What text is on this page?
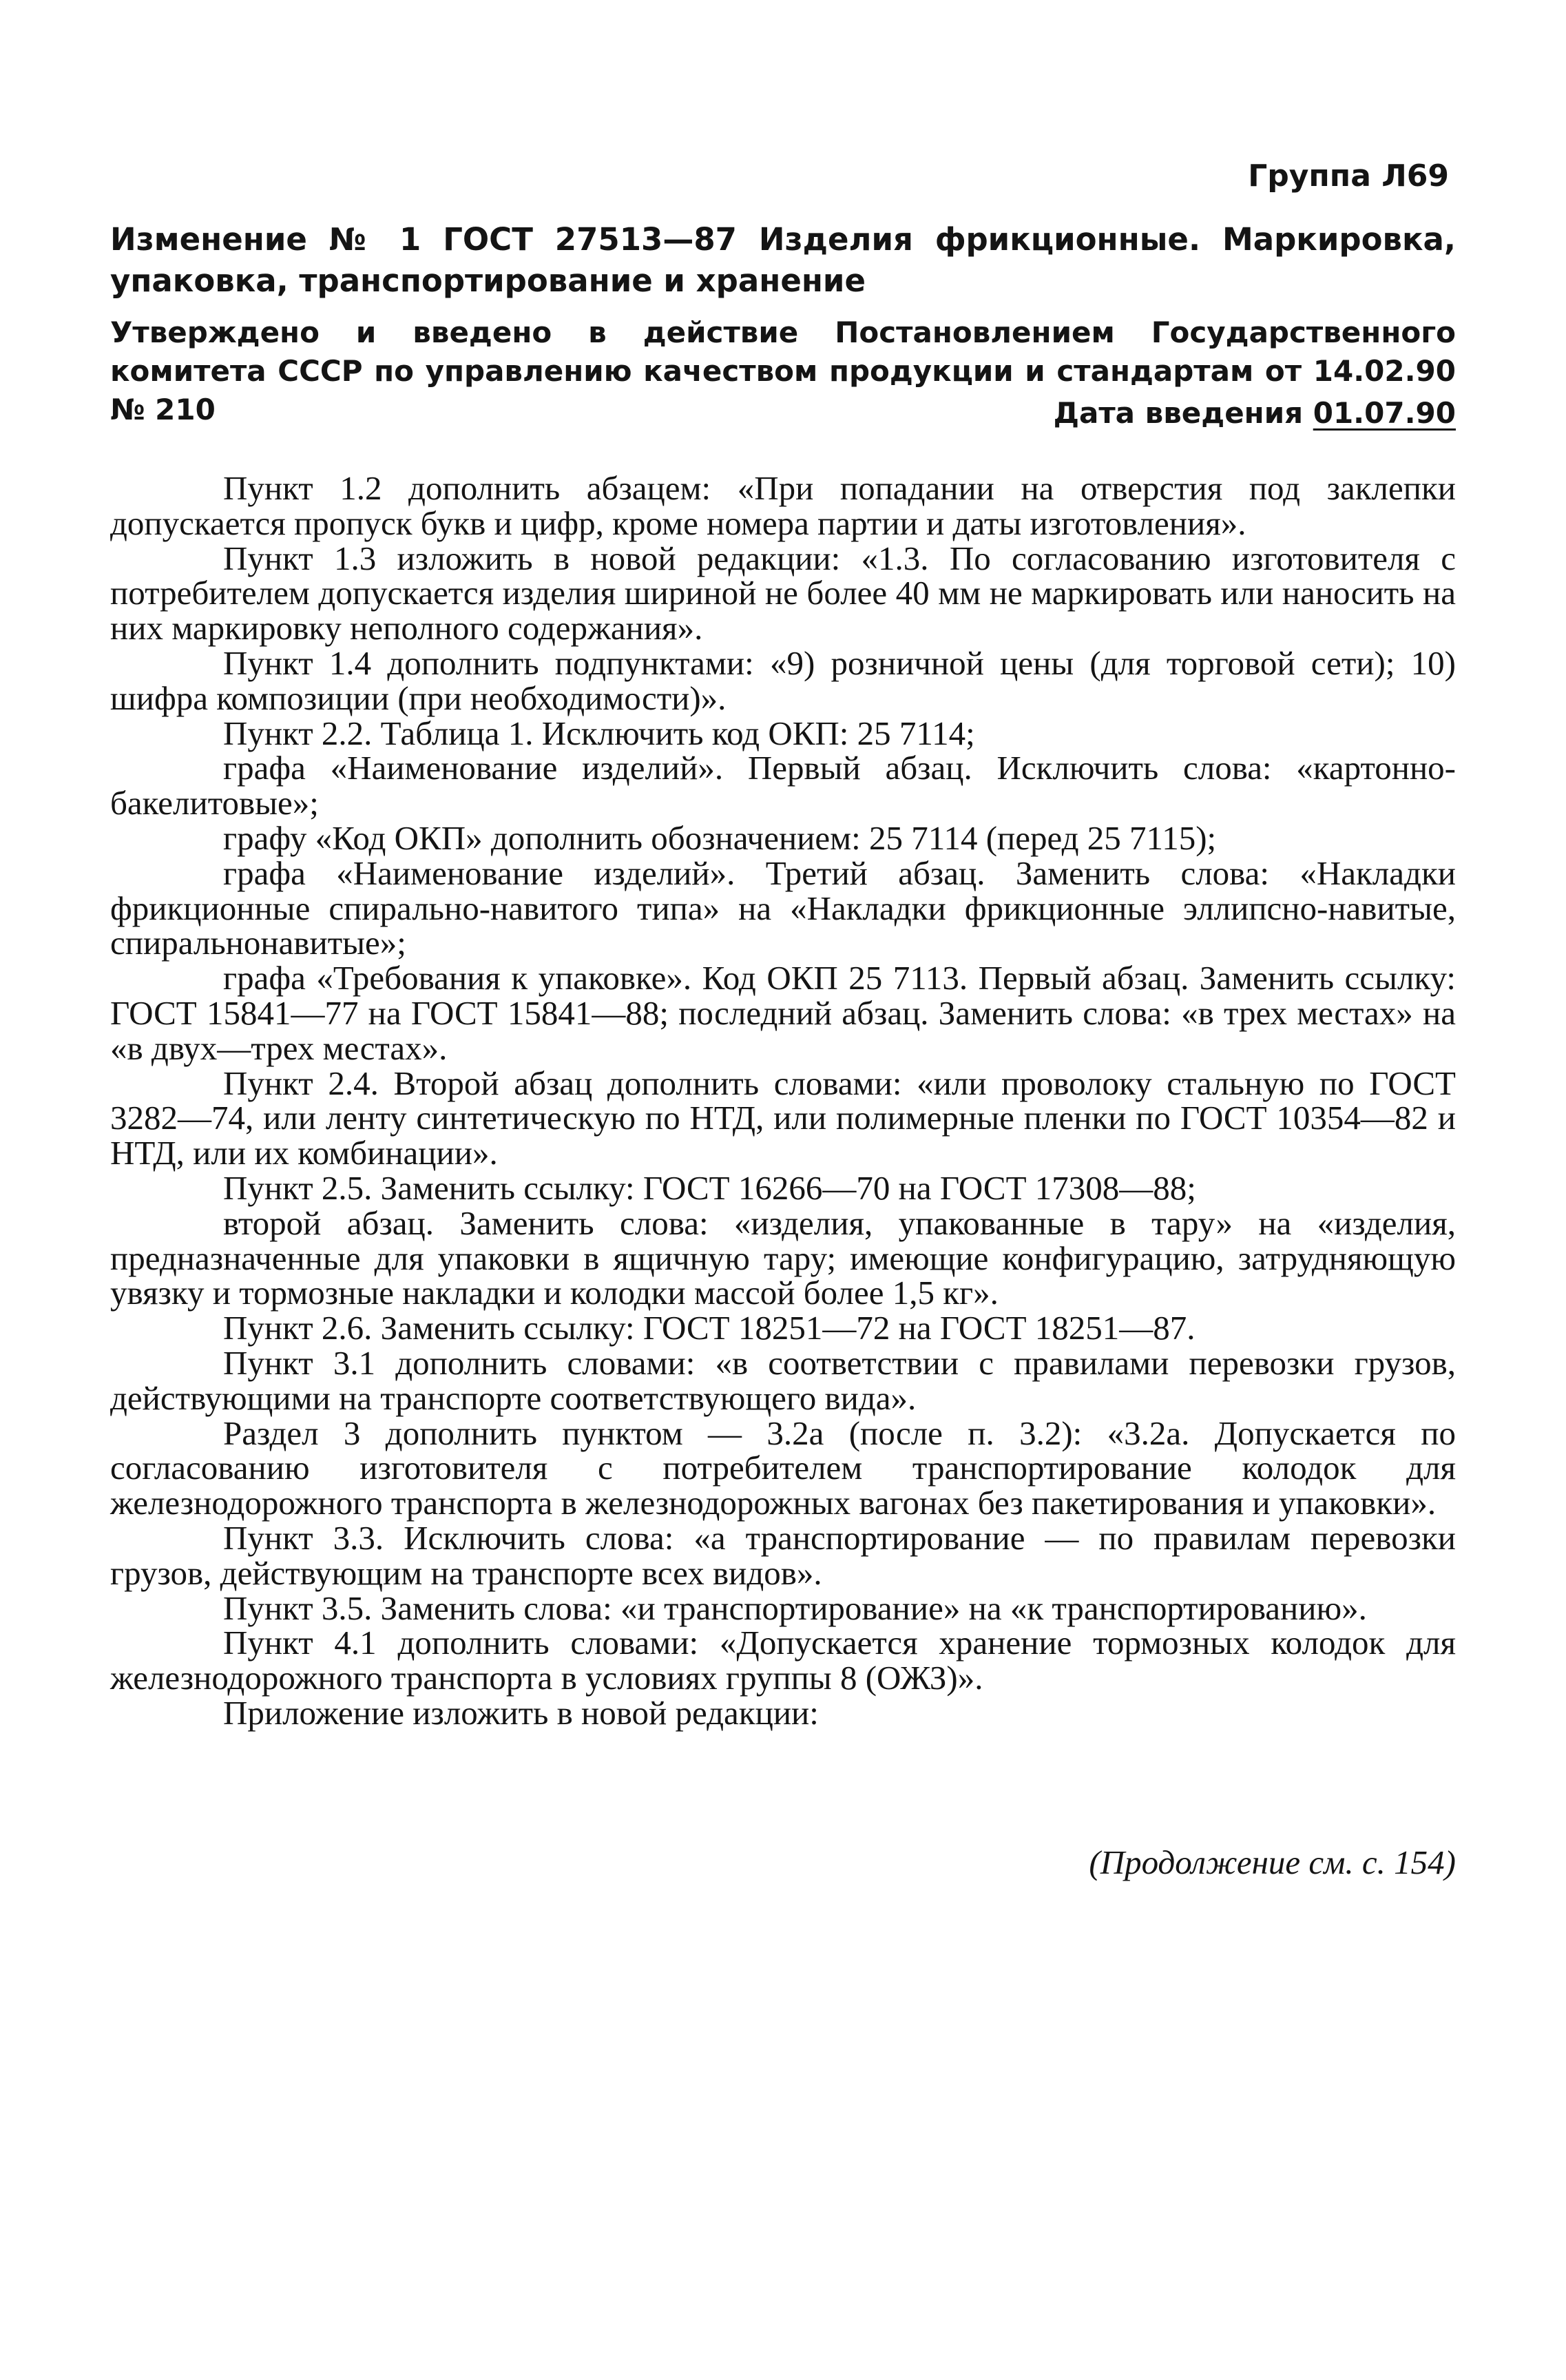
Группа Л69

Изменение № 1 ГОСТ 27513—87 Изделия фрикционные. Маркировка, упаковка, транспортирование и хранение

Утверждено и введено в действие Постановлением Государственного комитета СССР по управлению качеством продукции и стандартам от 14.02.90 № 210	Дата введения 01.07.90

Пункт 1.2 дополнить абзацем: «При попадании на отверстия под заклепки допускается пропуск букв и цифр, кроме номера партии и даты изготовления».

Пункт 1.3 изложить в новой редакции: «1.3. По согласованию изготовителя с потребителем допускается изделия шириной не более 40 мм не маркировать или наносить на них маркировку неполного содержания».

Пункт 1.4 дополнить подпунктами: «9) розничной цены (для торговой сети); 10) шифра композиции (при необходимости)».

Пункт 2.2. Таблица 1. Исключить код ОКП: 25 7114;

графа «Наименование изделий». Первый абзац. Исключить слова: «картонно-бакелитовые»;

графу «Код ОКП» дополнить обозначением: 25 7114 (перед 25 7115);

графа «Наименование изделий». Третий абзац. Заменить слова: «Накладки фрикционные спирально-навитого типа» на «Накладки фрикционные эллипсно-навитые, спиральнонавитые»;

графа «Требования к упаковке». Код ОКП 25 7113. Первый абзац. Заменить ссылку: ГОСТ 15841—77 на ГОСТ 15841—88; последний абзац. Заменить слова: «в трех местах» на «в двух—трех местах».

Пункт 2.4. Второй абзац дополнить словами: «или проволоку стальную по ГОСТ 3282—74, или ленту синтетическую по НТД, или полимерные пленки по ГОСТ 10354—82 и НТД, или их комбинации».

Пункт 2.5. Заменить ссылку: ГОСТ 16266—70 на ГОСТ 17308—88;

второй абзац. Заменить слова: «изделия, упакованные в тару» на «изделия, предназначенные для упаковки в ящичную тару; имеющие конфигурацию, затрудняющую увязку и тормозные накладки и колодки массой более 1,5 кг».

Пункт 2.6. Заменить ссылку: ГОСТ 18251—72 на ГОСТ 18251—87.

Пункт 3.1 дополнить словами: «в соответствии с правилами перевозки грузов, действующими на транспорте соответствующего вида».

Раздел 3 дополнить пунктом — 3.2а (после п. 3.2): «3.2а. Допускается по согласованию изготовителя с потребителем транспортирование колодок для железнодорожного транспорта в железнодорожных вагонах без пакетирования и упаковки».

Пункт 3.3. Исключить слова: «а транспортирование — по правилам перевозки грузов, действующим на транспорте всех видов».

Пункт 3.5. Заменить слова: «и транспортирование» на «к транспортированию».

Пункт 4.1 дополнить словами: «Допускается хранение тормозных колодок для железнодорожного транспорта в условиях группы 8 (ОЖЗ)».

Приложение изложить в новой редакции:

(Продолжение см. с. 154)
